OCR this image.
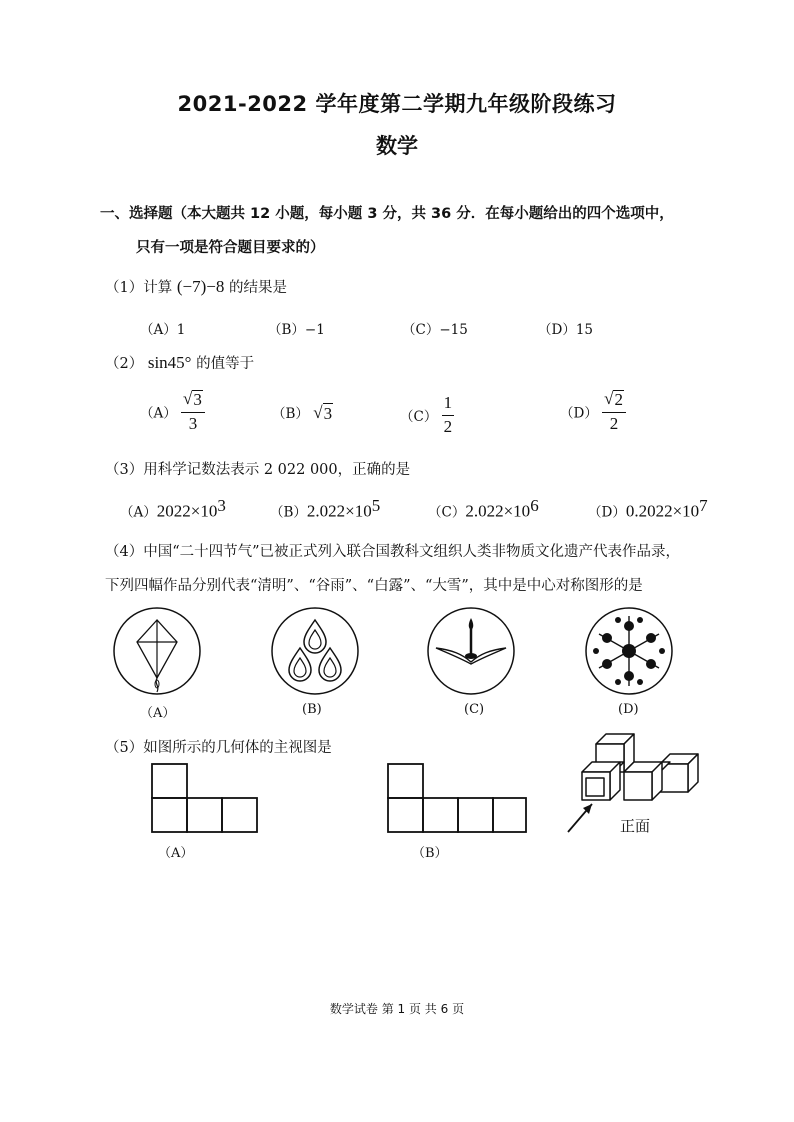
2021-2022 学年度第二学期九年级阶段练习
数学
一、选择题（本大题共 12 小题，每小题 3 分，共 36 分．在每小题给出的四个选项中，
只有一项是符合题目要求的）
（1）计算 (−7)−8 的结果是
（A）1	（B）−1	（C）−15	（D）15
（2） sin45° 的值等于
$(A) \frac{√ 3}{3}$	（B） √ 3	$(C) \frac{1}{2}$	$(D) \frac{√ 2}{2}$
（3）用科学记数法表示 2 022 000，正确的是
$(A)2022\times 10^3$	$(B)2.022\times 10^5$	$(C)2.022\times 10^6$	$(D)0.2022\times 10^7$
（4）中国“二十四节气”已被正式列入联合国教科文组织人类非物质文化遗产代表作品录，
下列四幅作品分别代表“清明”、“谷雨”、“白露”、“大雪”，其中是中心对称图形的是
（A）	(B)	(C)	(D)
（5）如图所示的几何体的主视图是
（A）	（B）
正面
数学试卷 第 1 页 共 6 页
